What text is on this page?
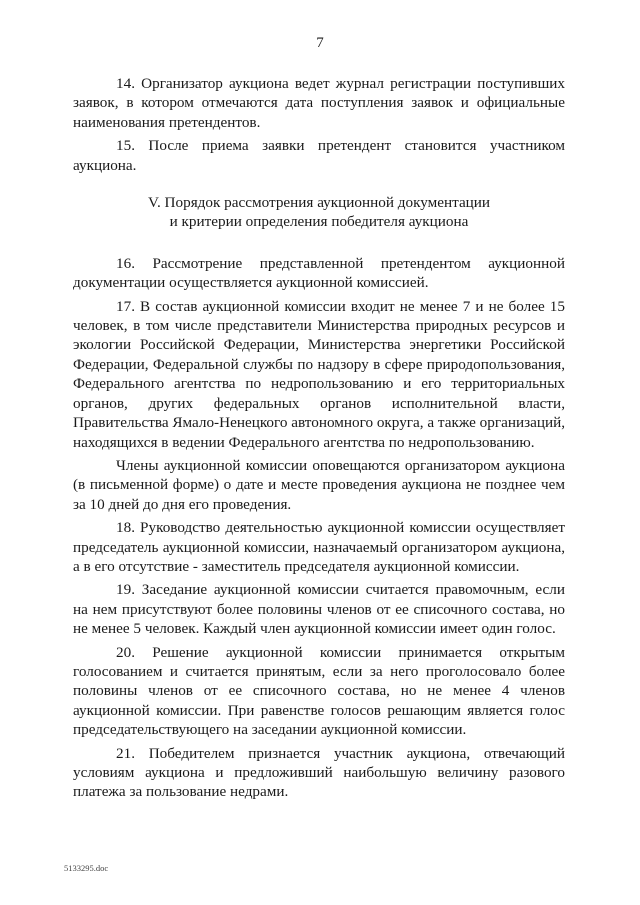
7

14. Организатор аукциона ведет журнал регистрации поступивших заявок, в котором отмечаются дата поступления заявок и официальные наименования претендентов.

15. После приема заявки претендент становится участником аукциона.

V. Порядок рассмотрения аукционной документации
и критерии определения победителя аукциона

16. Рассмотрение представленной претендентом аукционной документации осуществляется аукционной комиссией.

17. В состав аукционной комиссии входит не менее 7 и не более 15 человек, в том числе представители Министерства природных ресурсов и экологии Российской Федерации, Министерства энергетики Российской Федерации, Федеральной службы по надзору в сфере природопользования, Федерального агентства по недропользованию и его территориальных органов, других федеральных органов исполнительной власти, Правительства Ямало-Ненецкого автономного округа, а также организаций, находящихся в ведении Федерального агентства по недропользованию.

Члены аукционной комиссии оповещаются организатором аукциона (в письменной форме) о дате и месте проведения аукциона не позднее чем за 10 дней до дня его проведения.

18. Руководство деятельностью аукционной комиссии осуществляет председатель аукционной комиссии, назначаемый организатором аукциона, а в его отсутствие - заместитель председателя аукционной комиссии.

19. Заседание аукционной комиссии считается правомочным, если на нем присутствуют более половины членов от ее списочного состава, но не менее 5 человек. Каждый член аукционной комиссии имеет один голос.

20. Решение аукционной комиссии принимается открытым голосованием и считается принятым, если за него проголосовало более половины членов от ее списочного состава, но не менее 4 членов аукционной комиссии. При равенстве голосов решающим является голос председательствующего на заседании аукционной комиссии.

21. Победителем признается участник аукциона, отвечающий условиям аукциона и предложивший наибольшую величину разового платежа за пользование недрами.

5133295.doc
